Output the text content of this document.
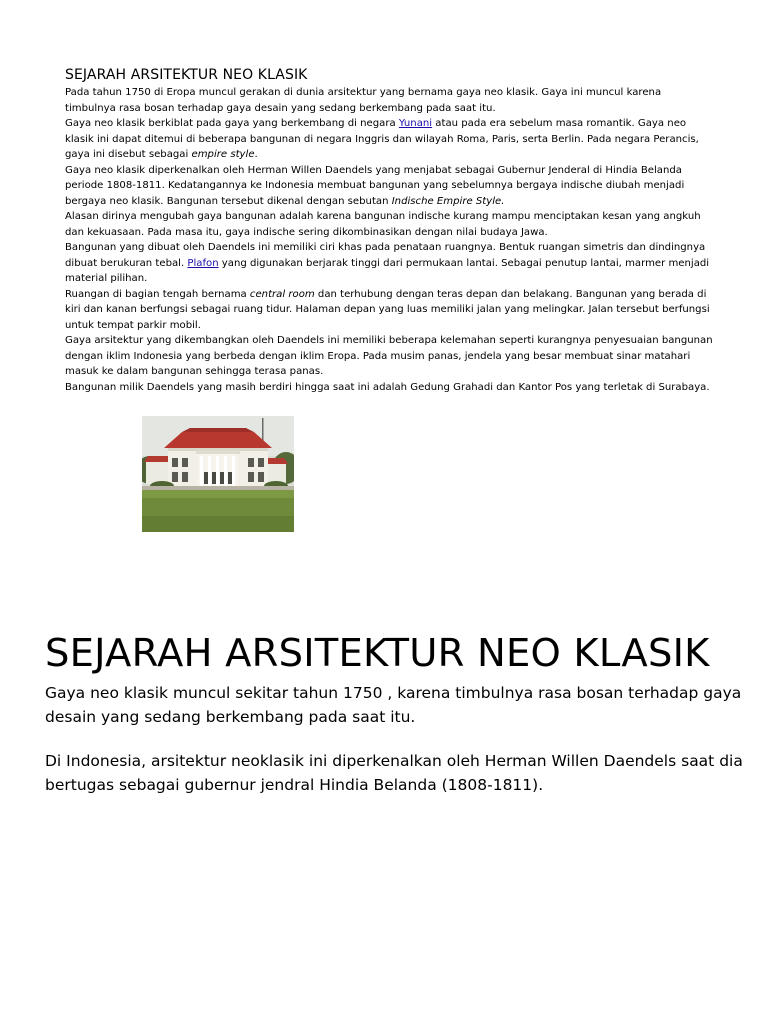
SEJARAH ARSITEKTUR NEO KLASIK

Pada tahun 1750 di Eropa muncul gerakan di dunia arsitektur yang bernama gaya neo klasik. Gaya ini muncul karena timbulnya rasa bosan terhadap gaya desain yang sedang berkembang pada saat itu.

Gaya neo klasik berkiblat pada gaya yang berkembang di negara Yunani atau pada era sebelum masa romantik. Gaya neo klasik ini dapat ditemui di beberapa bangunan di negara Inggris dan wilayah Roma, Paris, serta Berlin. Pada negara Perancis, gaya ini disebut sebagai empire style.

Gaya neo klasik diperkenalkan oleh Herman Willen Daendels yang menjabat sebagai Gubernur Jenderal di Hindia Belanda periode 1808-1811. Kedatangannya ke Indonesia membuat bangunan yang sebelumnya bergaya indische diubah menjadi bergaya neo klasik. Bangunan tersebut dikenal dengan sebutan Indische Empire Style.

Alasan dirinya mengubah gaya bangunan adalah karena bangunan indische kurang mampu menciptakan kesan yang angkuh dan kekuasaan. Pada masa itu, gaya indische sering dikombinasikan dengan nilai budaya Jawa.

Bangunan yang dibuat oleh Daendels ini memiliki ciri khas pada penataan ruangnya. Bentuk ruangan simetris dan dindingnya dibuat berukuran tebal. Plafon yang digunakan berjarak tinggi dari permukaan lantai. Sebagai penutup lantai, marmer menjadi material pilihan.

Ruangan di bagian tengah bernama central room dan terhubung dengan teras depan dan belakang. Bangunan yang berada di kiri dan kanan berfungsi sebagai ruang tidur. Halaman depan yang luas memiliki jalan yang melingkar. Jalan tersebut berfungsi untuk tempat parkir mobil.

Gaya arsitektur yang dikembangkan oleh Daendels ini memiliki beberapa kelemahan seperti kurangnya penyesuaian bangunan dengan iklim Indonesia yang berbeda dengan iklim Eropa. Pada musim panas, jendela yang besar membuat sinar matahari masuk ke dalam bangunan sehingga terasa panas.

Bangunan milik Daendels yang masih berdiri hingga saat ini adalah Gedung Grahadi dan Kantor Pos yang terletak di Surabaya.

SEJARAH ARSITEKTUR NEO KLASIK

Gaya neo klasik muncul sekitar tahun 1750 , karena timbulnya rasa bosan terhadap gaya desain yang sedang berkembang pada saat itu.

Di Indonesia, arsitektur neoklasik ini diperkenalkan oleh Herman Willen Daendels saat dia bertugas sebagai gubernur jendral Hindia Belanda (1808-1811).
